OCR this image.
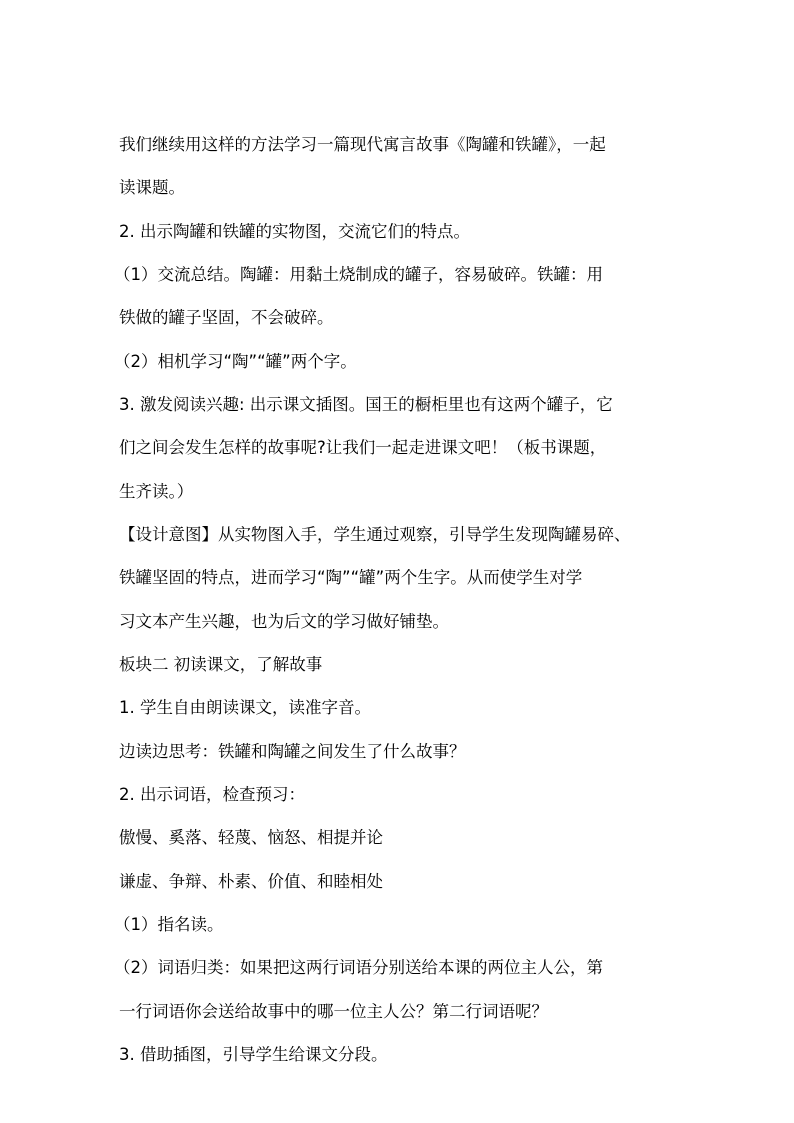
我们继续用这样的方法学习一篇现代寓言故事《陶罐和铁罐》，一起
读课题。
2. 出示陶罐和铁罐的实物图，交流它们的特点。
（1）交流总结。陶罐：用黏土烧制成的罐子，容易破碎。铁罐：用
铁做的罐子坚固，不会破碎。
（2）相机学习“陶”“罐”两个字。
3. 激发阅读兴趣: 出示课文插图。国王的橱柜里也有这两个罐子，它
们之间会发生怎样的故事呢?让我们一起走进课文吧！（板书课题，
生齐读。）
【设计意图】从实物图入手，学生通过观察，引导学生发现陶罐易碎、
铁罐坚固的特点，进而学习“陶”“罐”两个生字。从而使学生对学
习文本产生兴趣，也为后文的学习做好铺垫。
板块二 初读课文，了解故事
1. 学生自由朗读课文，读准字音。
边读边思考：铁罐和陶罐之间发生了什么故事？
2. 出示词语，检查预习：
傲慢、奚落、轻蔑、恼怒、相提并论
谦虚、争辩、朴素、价值、和睦相处
（1）指名读。
（2）词语归类：如果把这两行词语分别送给本课的两位主人公，第
一行词语你会送给故事中的哪一位主人公？第二行词语呢？
3. 借助插图，引导学生给课文分段。
